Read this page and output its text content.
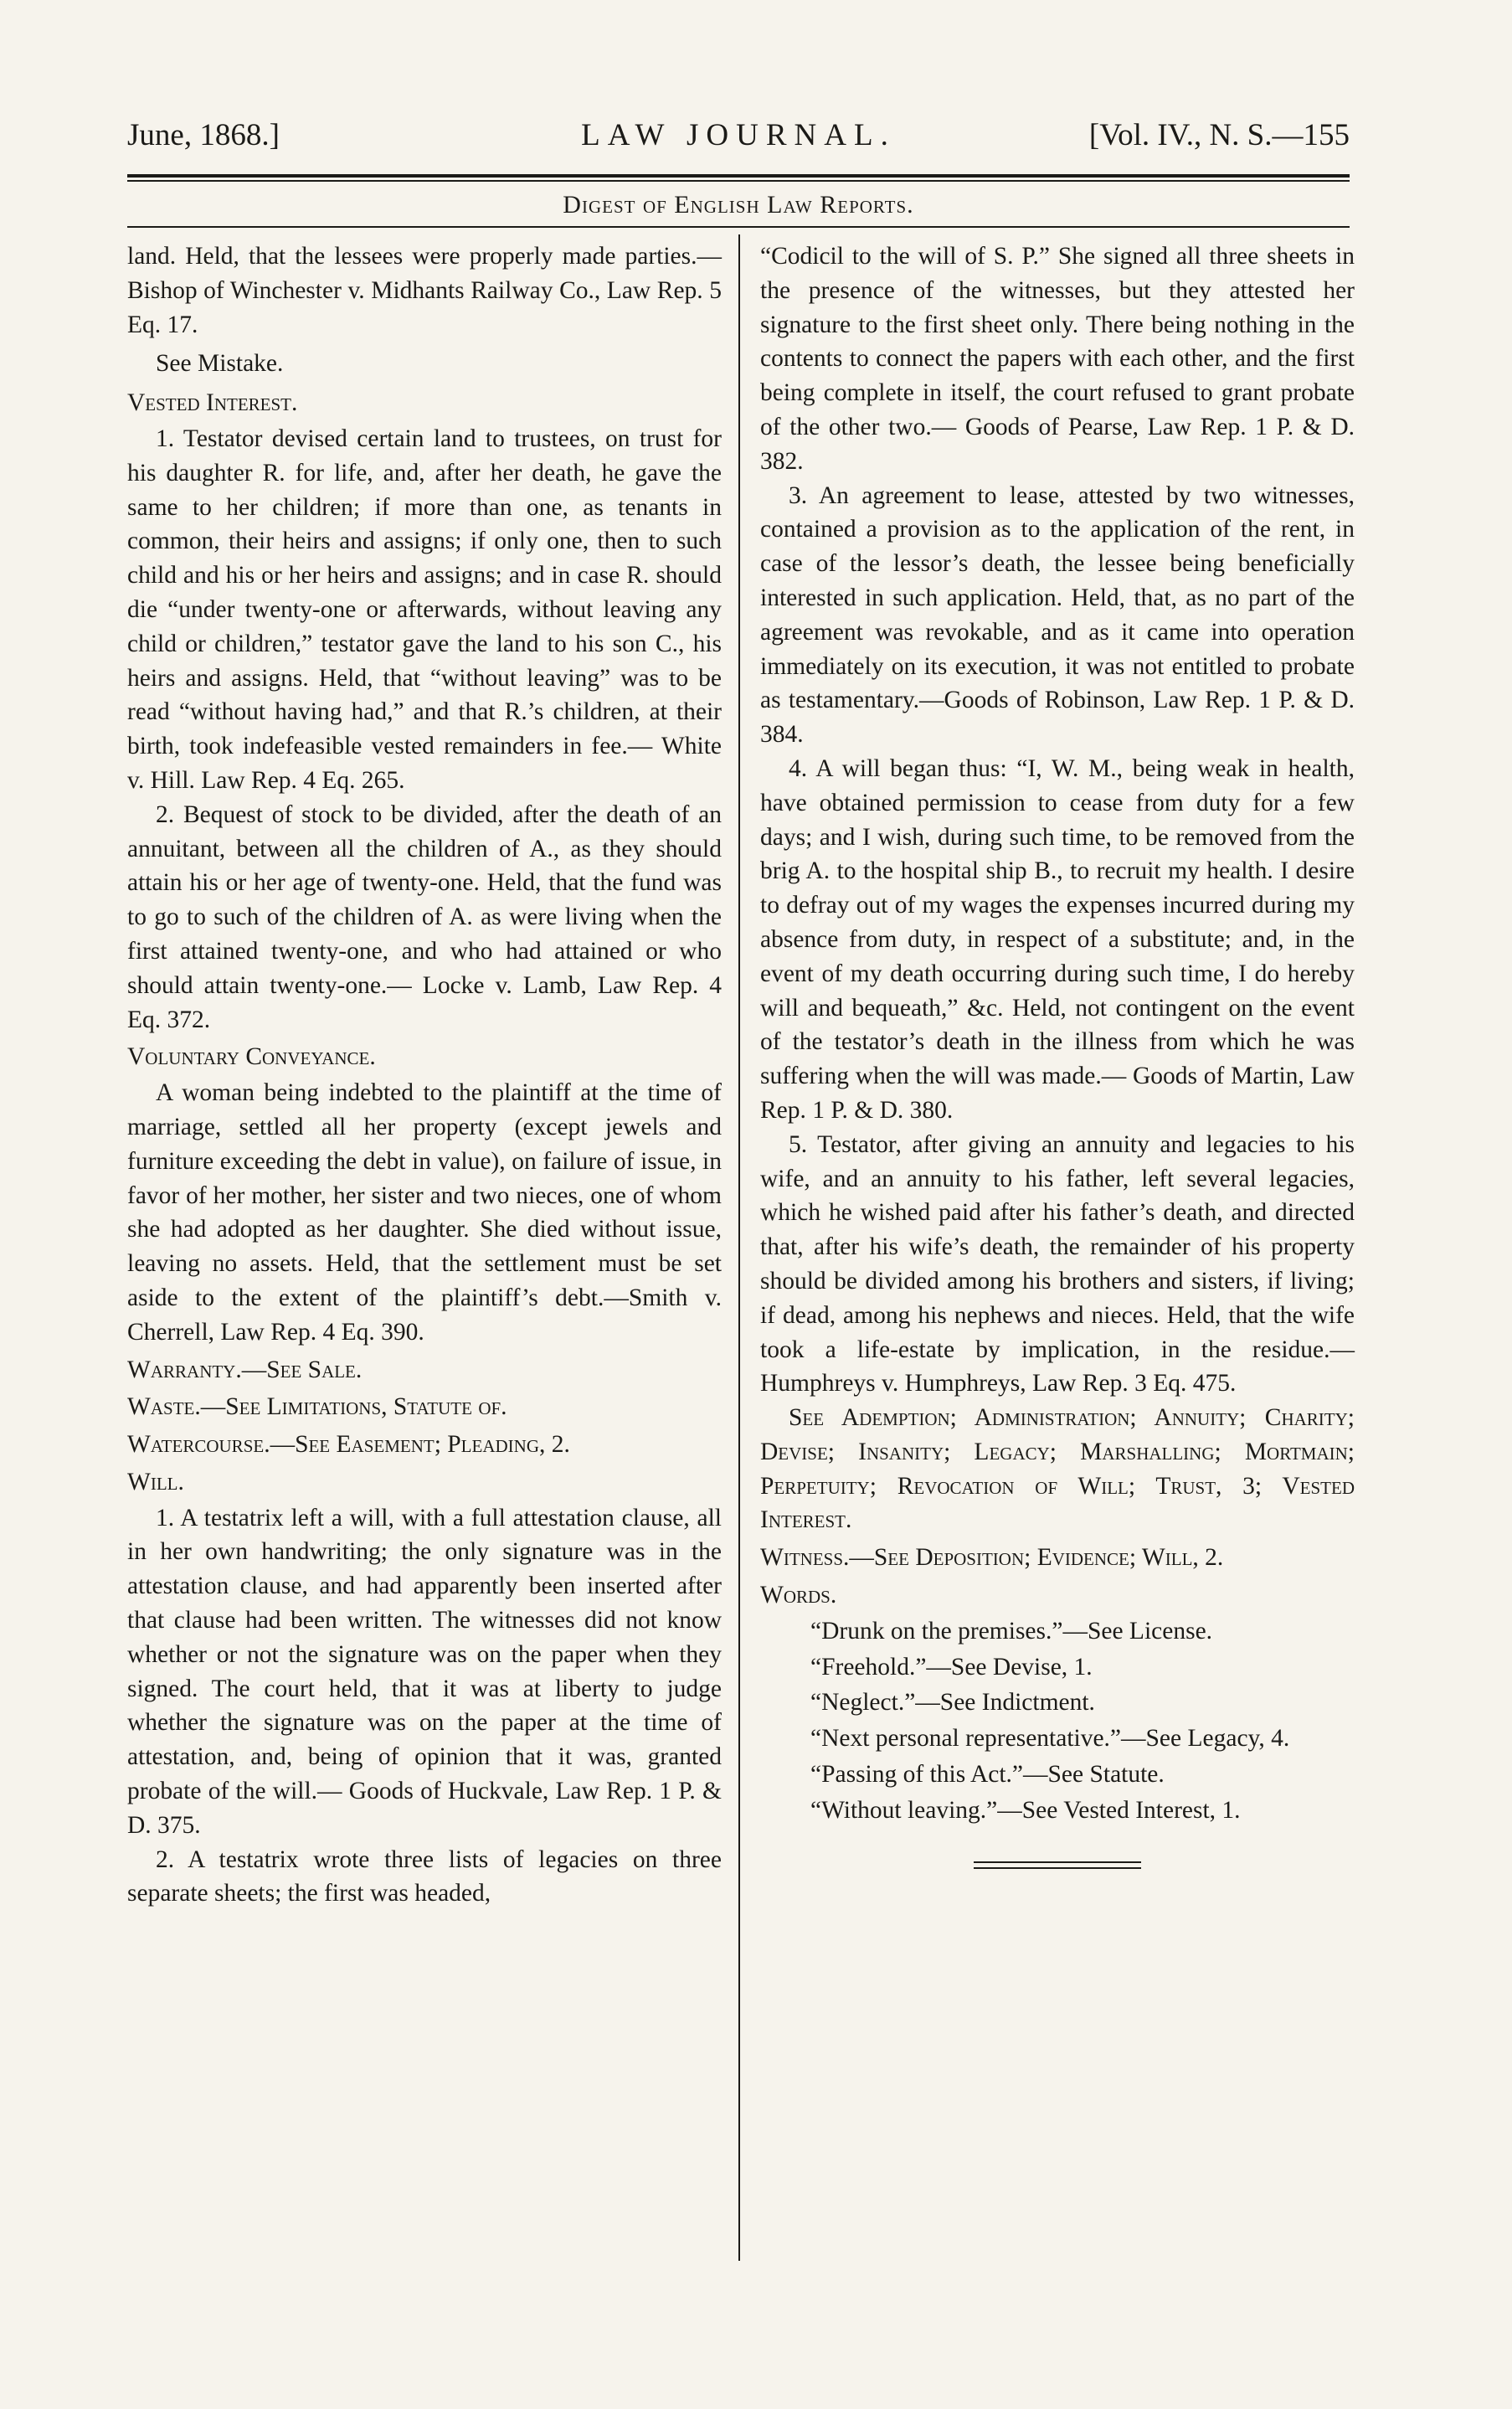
June, 1868.]	LAW JOURNAL.	[Vol. IV., N. S.—155
Digest of English Law Reports.

land. Held, that the lessees were properly made parties.—Bishop of Winchester v. Midhants Railway Co., Law Rep. 5 Eq. 17.

See Mistake.

Vested Interest.

1. Testator devised certain land to trustees, on trust for his daughter R. for life, and, after her death, he gave the same to her children; if more than one, as tenants in common, their heirs and assigns; if only one, then to such child and his or her heirs and assigns; and in case R. should die “under twenty-one or afterwards, without leaving any child or children,” testator gave the land to his son C., his heirs and assigns. Held, that “without leaving” was to be read “without having had,” and that R.’s children, at their birth, took indefeasible vested remainders in fee.— White v. Hill. Law Rep. 4 Eq. 265.

2. Bequest of stock to be divided, after the death of an annuitant, between all the children of A., as they should attain his or her age of twenty-one. Held, that the fund was to go to such of the children of A. as were living when the first attained twenty-one, and who had attained or who should attain twenty-one.— Locke v. Lamb, Law Rep. 4 Eq. 372.

Voluntary Conveyance.

A woman being indebted to the plaintiff at the time of marriage, settled all her property (except jewels and furniture exceeding the debt in value), on failure of issue, in favor of her mother, her sister and two nieces, one of whom she had adopted as her daughter. She died without issue, leaving no assets. Held, that the settlement must be set aside to the extent of the plaintiff’s debt.—Smith v. Cherrell, Law Rep. 4 Eq. 390.

Warranty.—See Sale.

Waste.—See Limitations, Statute of.

Watercourse.—See Easement; Pleading, 2.

Will.

1. A testatrix left a will, with a full attestation clause, all in her own handwriting; the only signature was in the attestation clause, and had apparently been inserted after that clause had been written. The witnesses did not know whether or not the signature was on the paper when they signed. The court held, that it was at liberty to judge whether the signature was on the paper at the time of attestation, and, being of opinion that it was, granted probate of the will.— Goods of Huckvale, Law Rep. 1 P. & D. 375.

2. A testatrix wrote three lists of legacies on three separate sheets; the first was headed,

“Codicil to the will of S. P.” She signed all three sheets in the presence of the witnesses, but they attested her signature to the first sheet only. There being nothing in the contents to connect the papers with each other, and the first being complete in itself, the court refused to grant probate of the other two.— Goods of Pearse, Law Rep. 1 P. & D. 382.

3. An agreement to lease, attested by two witnesses, contained a provision as to the application of the rent, in case of the lessor’s death, the lessee being beneficially interested in such application. Held, that, as no part of the agreement was revokable, and as it came into operation immediately on its execution, it was not entitled to probate as testamentary.—Goods of Robinson, Law Rep. 1 P. & D. 384.

4. A will began thus: “I, W. M., being weak in health, have obtained permission to cease from duty for a few days; and I wish, during such time, to be removed from the brig A. to the hospital ship B., to recruit my health. I desire to defray out of my wages the expenses incurred during my absence from duty, in respect of a substitute; and, in the event of my death occurring during such time, I do hereby will and bequeath,” &c. Held, not contingent on the event of the testator’s death in the illness from which he was suffering when the will was made.— Goods of Martin, Law Rep. 1 P. & D. 380.

5. Testator, after giving an annuity and legacies to his wife, and an annuity to his father, left several legacies, which he wished paid after his father’s death, and directed that, after his wife’s death, the remainder of his property should be divided among his brothers and sisters, if living; if dead, among his nephews and nieces. Held, that the wife took a life-estate by implication, in the residue.—Humphreys v. Humphreys, Law Rep. 3 Eq. 475.

See Ademption; Administration; Annuity; Charity; Devise; Insanity; Legacy; Marshalling; Mortmain; Perpetuity; Revocation of Will; Trust, 3; Vested Interest.

Witness.—See Deposition; Evidence; Will, 2.

Words.

“Drunk on the premises.”—See License.

“Freehold.”—See Devise, 1.

“Neglect.”—See Indictment.

“Next personal representative.”—See Legacy, 4.

“Passing of this Act.”—See Statute.

“Without leaving.”—See Vested Interest, 1.
